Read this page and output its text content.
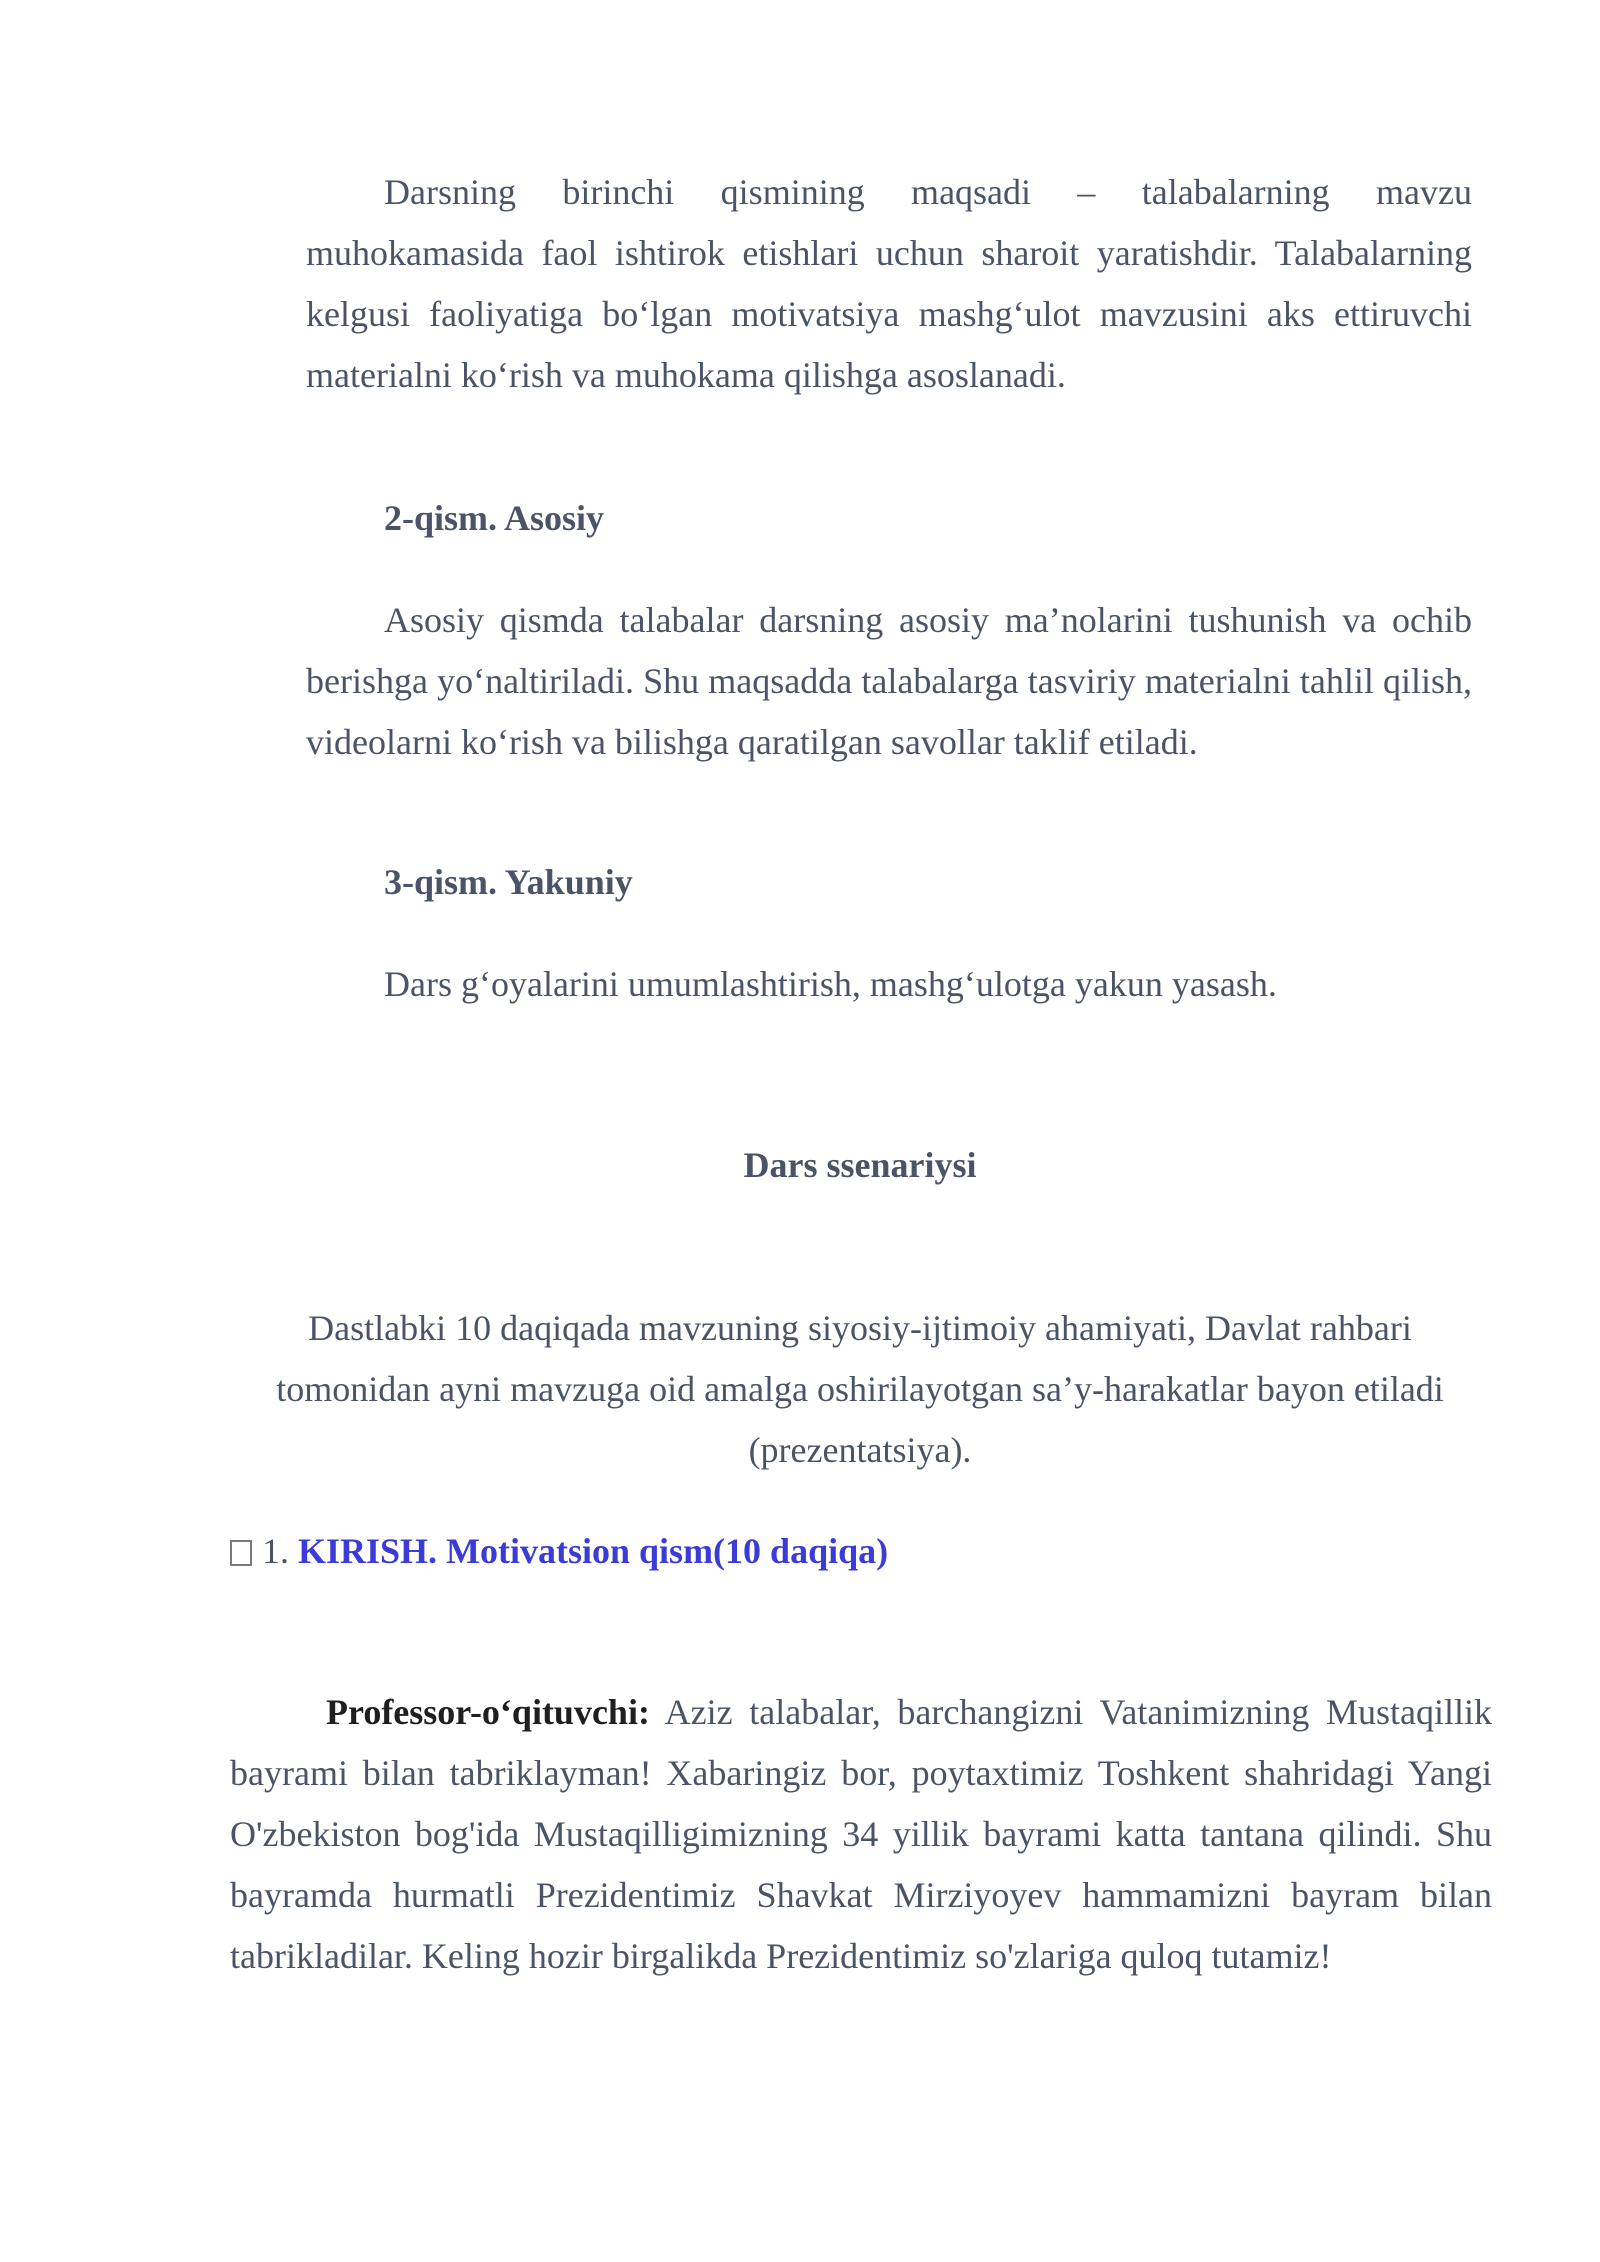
Darsning birinchi qismining maqsadi – talabalarning mavzu muhokamasida faol ishtirok etishlari uchun sharoit yaratishdir. Talabalarning kelgusi faoliyatiga bo‘lgan motivatsiya mashg‘ulot mavzusini aks ettiruvchi materialni ko‘rish va muhokama qilishga asoslanadi.

2-qism. Asosiy

Asosiy qismda talabalar darsning asosiy ma’nolarini tushunish va ochib berishga yo‘naltiriladi. Shu maqsadda talabalarga tasviriy materialni tahlil qilish, videolarni ko‘rish va bilishga qaratilgan savollar taklif etiladi.

3-qism. Yakuniy

Dars g‘oyalarini umumlashtirish, mashg‘ulotga yakun yasash.

Dars ssenariysi

Dastlabki 10 daqiqada mavzuning siyosiy-ijtimoiy ahamiyati, Davlat rahbari tomonidan ayni mavzuga oid amalga oshirilayotgan sa’y-harakatlar bayon etiladi (prezentatsiya).

1. KIRISH. Motivatsion qism(10 daqiqa)

Professor-o‘qituvchi: Aziz talabalar, barchangizni Vatanimizning Mustaqillik bayrami bilan tabriklayman! Xabaringiz bor, poytaxtimiz Toshkent shahridagi Yangi O'zbekiston bog'ida Mustaqilligimizning 34 yillik bayrami katta tantana qilindi. Shu bayramda hurmatli Prezidentimiz Shavkat Mirziyoyev hammamizni bayram bilan tabrikladilar. Keling hozir birgalikda Prezidentimiz so'zlariga quloq tutamiz!
